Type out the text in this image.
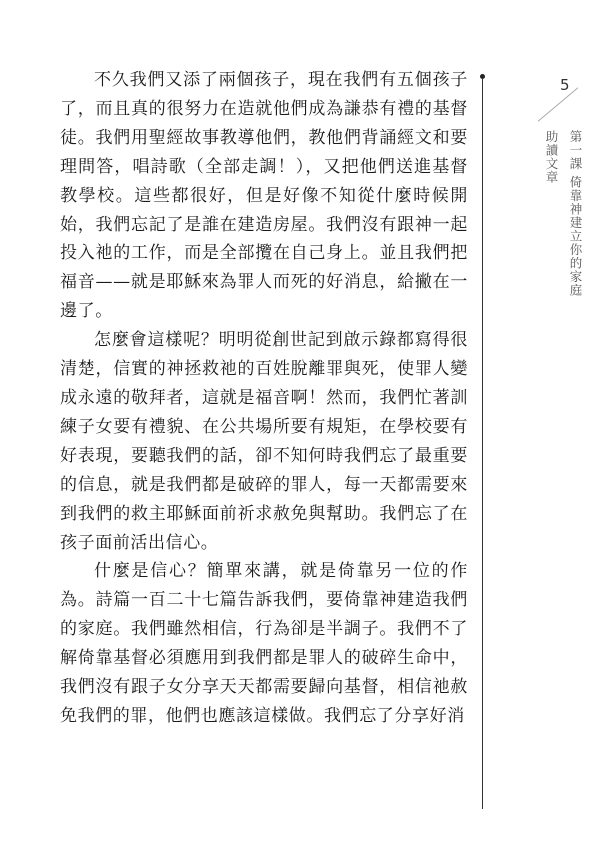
不久我們又添了兩個孩子，現在我們有五個孩子了，而且真的很努力在造就他們成為謙恭有禮的基督徒。我們用聖經故事教導他們，教他們背誦經文和要理問答，唱詩歌（全部走調！），又把他們送進基督教學校。這些都很好，但是好像不知從什麼時候開始，我們忘記了是誰在建造房屋。我們沒有跟神一起投入祂的工作，而是全部攬在自己身上。並且我們把福音——就是耶穌來為罪人而死的好消息，給撇在一邊了。

怎麼會這樣呢？明明從創世記到啟示錄都寫得很清楚，信實的神拯救祂的百姓脫離罪與死，使罪人變成永遠的敬拜者，這就是福音啊！然而，我們忙著訓練子女要有禮貌、在公共場所要有規矩，在學校要有好表現，要聽我們的話，卻不知何時我們忘了最重要的信息，就是我們都是破碎的罪人，每一天都需要來到我們的救主耶穌面前祈求赦免與幫助。我們忘了在孩子面前活出信心。

什麼是信心？簡單來講，就是倚靠另一位的作為。詩篇一百二十七篇告訴我們，要倚靠神建造我們的家庭。我們雖然相信，行為卻是半調子。我們不了解倚靠基督必須應用到我們都是罪人的破碎生命中，我們沒有跟子女分享天天都需要歸向基督，相信祂赦免我們的罪，他們也應該這樣做。我們忘了分享好消

5
第一課 倚靠神建立你的家庭
助讀文章
